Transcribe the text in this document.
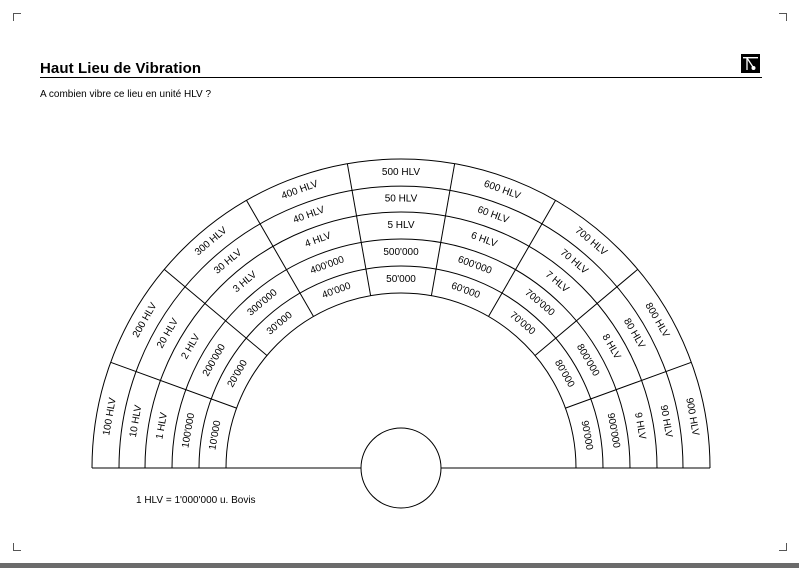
Haut Lieu de Vibration
A combien vibre ce lieu en unité HLV ?
100 HLV
200 HLV
300 HLV
400 HLV
500 HLV
600 HLV
700 HLV
800 HLV
900 HLV
10 HLV
20 HLV
30 HLV
40 HLV
50 HLV
60 HLV
70 HLV
80 HLV
90 HLV
1 HLV
2 HLV
3 HLV
4 HLV
5 HLV
6 HLV
7 HLV
8 HLV
9 HLV
100'000
200'000
300'000
400'000
500'000
600'000
700'000
800'000
900'000
10'000
20'000
30'000
40'000
50'000
60'000
70'000
80'000
90'000
1 HLV = 1'000'000 u. Bovis
